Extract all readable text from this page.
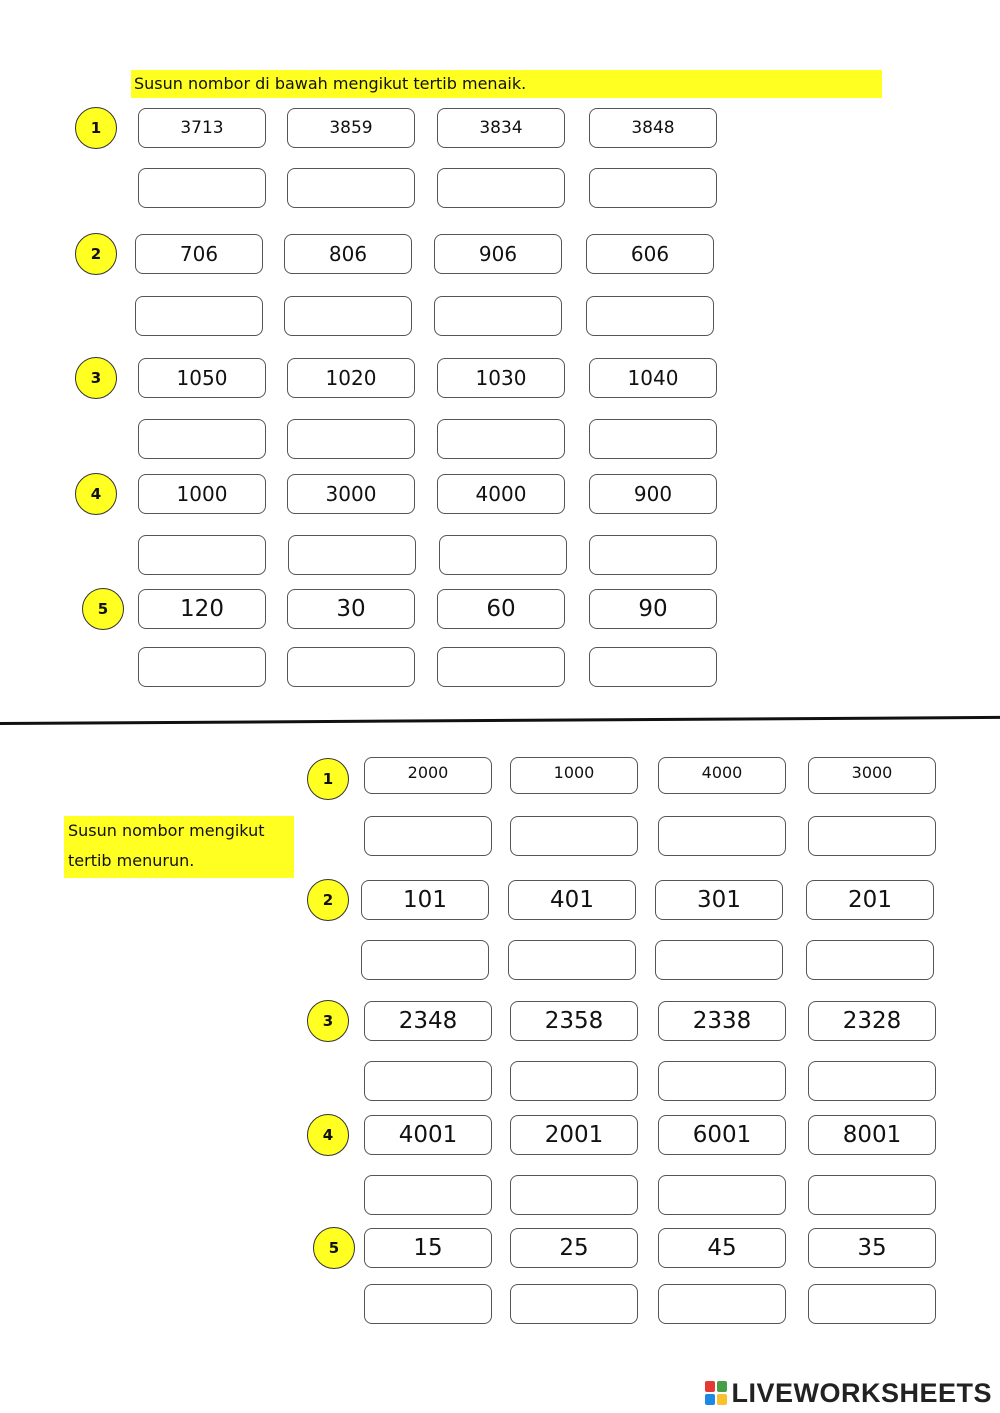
Susun nombor di bawah mengikut tertib menaik.
Susun nombor mengikut
tertib menurun.
1	3713	3859	3834	3848
2	706	806	906	606
3	1050	1020	1030	1040
4	1000	3000	4000	900
5	120	30	60	90
1	2000	1000	4000	3000
2	101	401	301	201
3	2348	2358	2338	2328
4	4001	2001	6001	8001
5	15	25	45	35
LIVEWORKSHEETS
